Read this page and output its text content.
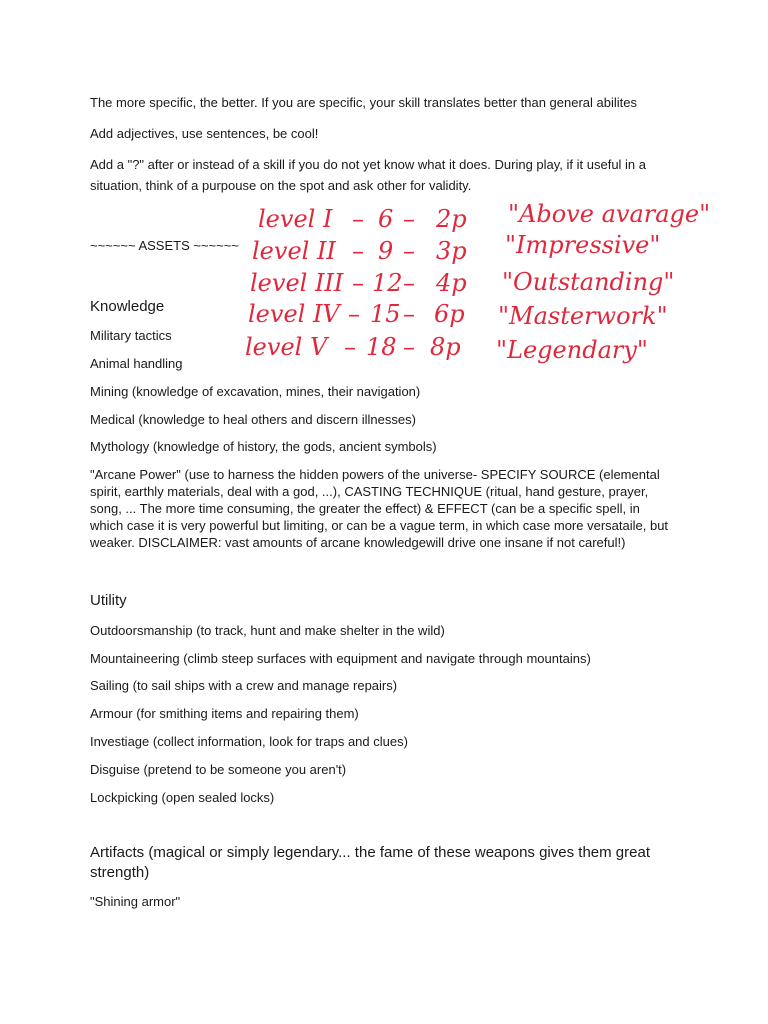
The more specific, the better. If you are specific, your skill translates better than general abilites
Add adjectives, use sentences, be cool!
Add a "?" after or instead of a skill if you do not yet know what it does. During play, if it useful in a situation, think of a purpouse on the spot and ask other for validity.
~~~~~~ ASSETS ~~~~~~
level I – 6 – 2p "Above avarage"
level II – 9 – 3p "Impressive"
level III – 12 – 4p "Outstanding"
level IV – 15 – 6p "Masterwork"
level V – 18 – 8p "Legendary"
Knowledge
Military tactics
Animal handling
Mining (knowledge of excavation, mines, their navigation)
Medical (knowledge to heal others and discern illnesses)
Mythology (knowledge of history, the gods, ancient symbols)
"Arcane Power" (use to harness the hidden powers of the universe- SPECIFY SOURCE (elemental spirit, earthly materials, deal with a god, ...), CASTING TECHNIQUE (ritual, hand gesture, prayer, song, ... The more time consuming, the greater the effect) & EFFECT (can be a specific spell, in which case it is very powerful but limiting, or can be a vague term, in which case more versataile, but weaker. DISCLAIMER: vast amounts of arcane knowledgewill drive one insane if not careful!)
Utility
Outdoorsmanship (to track, hunt and make shelter in the wild)
Mountaineering (climb steep surfaces with equipment and navigate through mountains)
Sailing (to sail ships with a crew and manage repairs)
Armour (for smithing items and repairing them)
Investiage (collect information, look for traps and clues)
Disguise (pretend to be someone you aren't)
Lockpicking (open sealed locks)
Artifacts (magical or simply legendary... the fame of these weapons gives them great strength)
"Shining armor"
